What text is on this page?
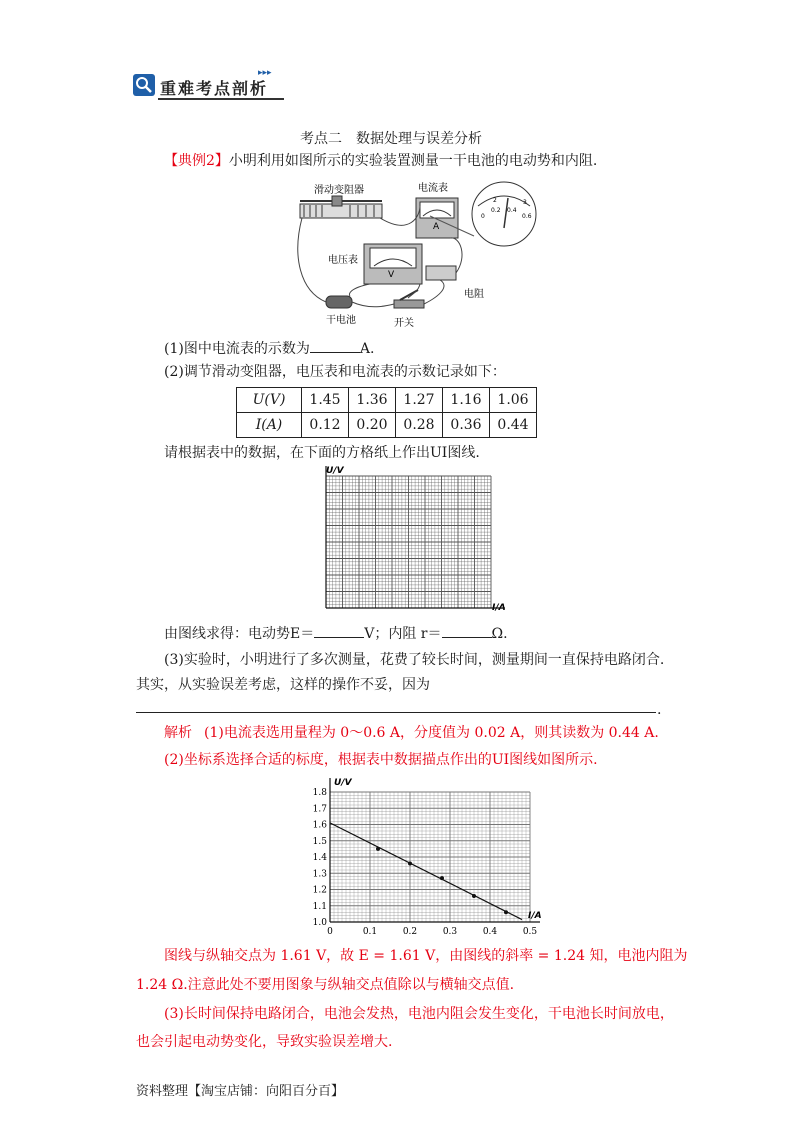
重难考点剖析
▸▸▸
考点二　数据处理与误差分析
【典例2】小明利用如图所示的实验装置测量一干电池的电动势和内阻.
A
0
0.2 0.4
0.6
2	3
V
滑动变阻器	电流表
电压表
电阻
干电池	开关
(1)图中电流表的示数为	A.
(2)调节滑动变阻器，电压表和电流表的示数记录如下：
U(V)	1.45	1.36	1.27	1.16	1.06
I(A)	0.12	0.20	0.28	0.36	0.44
请根据表中的数据，在下面的方格纸上作出UI图线.
U/V
I/A
由图线求得：电动势E＝	V；内阻 r＝	Ω.
(3)实验时，小明进行了多次测量，花费了较长时间，测量期间一直保持电路闭合.
其实，从实验误差考虑，这样的操作不妥，因为
.
解析 (1)电流表选用量程为 0～0.6 A，分度值为 0.02 A，则其读数为 0.44 A.
(2)坐标系选择合适的标度，根据表中数据描点作出的UI图线如图所示.
U/V
I/A
1.0
1.1
1.2
1.3
1.4
1.5
1.6
1.7
1.8
0	0.1	0.2	0.3	0.4	0.5
图线与纵轴交点为 1.61 V，故 E = 1.61 V，由图线的斜率 = 1.24 知，电池内阻为
1.24 Ω.注意此处不要用图象与纵轴交点值除以与横轴交点值.
(3)长时间保持电路闭合，电池会发热，电池内阻会发生变化，干电池长时间放电，
也会引起电动势变化，导致实验误差增大.
资料整理【淘宝店铺：向阳百分百】
